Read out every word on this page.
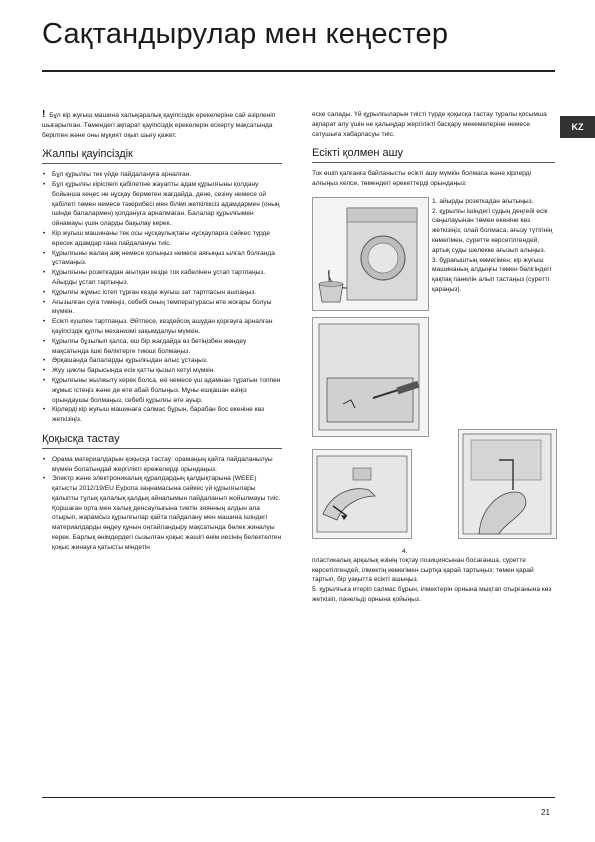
Сақтандырулар мен кеңестер
KZ

! Бұл кір жуғыш машина халықаралық қауіпсіздік ерекелеріне сай әзірленіп шығарылған. Төмендегі ақпарат қауіпсіздік ерекелерін ескерту мақсатында берілген және оны мұқият оқып шығу қажет.

Жалпы қауіпсіздік
• Бұл құрылғы тек үйде пайдалануға арналған.
• Бұл құрылғы кіріспелі қабілетіне жауапты адам құрылғыны қолдану бойынша кеңес не нұсқау бермеген жағдайда, дене, сезіну немесе ой қабілеті төмен немесе тәжірибесі мен білімі жеткіліксіз адамдармен (оның ішінде балалармен) қолдануға арналмаған. Балалар құрылғымен ойнамауы үшін оларды бақылау керек.
• Кір жуғыш машинаны тек осы нұсқаулықтағы нұсқауларға сәйкес түрде ересек адамдар ғана пайдалануы тиіс.
• Құрылғыны жалаң аяқ немесе қолыңыз немесе аяғыңыз ылғал болғанда ұстамаңыз.
• Құрылғыны розеткадан ағытқан кезде ток кабелінен ұстап тартпаңыз. Айырды ұстап тартыңыз.
• Құрылғы жұмыс істеп тұрған кезде жуғыш зат тартпасын ашпаңыз.
• Ағызылған суға тимеңіз, себебі оның температурасы өте жоғары болуы мүмкін.
• Есікті күшпен тартпаңыз. Әйтпесе, кездейсоқ ашудан қорғауға арналған қауіпсіздік құлпы механизмі зақымдалуы мүмкін.
• Құрылғы бұзылып қалса, еш бір жағдайда өз бетіңізбен жөндеу мақсатында ішкі бөліктерге тиюші болмаңыз.
• Әрқашанда балаларды құрылғыдан алыс ұстаңыз.
• Жуу циклы барысында есік қатты қызып кетуі мүмкін.
• Құрылғыны жылжыту керек болса, екі немесе үш адамнан тұратын топпен жұмыс істеңіз және де өте абай болыңыз. Мұны ешқашан өзіңіз орындаушы болмаңыз, себебі құрылғы өте ауыр.
• Кірлерді кір жуғыш машинаға салмас бұрын, барабан бос екеніне көз жеткізіңіз.
Қоқысқа тастау
• Орама материалдарын қоқысқа тастау: орамаңың қайта пайдаланылуы мүмкін болатындай жергілікті ережелерді орындаңыз.
• Электр және электроникалық құралдардың қалдықтарына (WEEE) қатысты 2012/19/EU Еуропа заңнамасына сәйкес үй құрылғылары қалыпты тұлық қалалық қалдық айналымын пайдаланып жойылмауы тиіс. Қоршаған орта мен халық денсаулығына тиетін зиянның алдын ала отырып, жарамсыз құрылғылар қайта пайдалану мен машина ішіндегі материалдарды өңдеу құнын оңтайландыру мақсатында бөлек жиналуы керек. Барлық өнімдердегі сызылған қоқыс жәшігі өнім иесінің белектелген қоқыс жинауға қатысты міндетін

еске салады. Үй құрылғыларын тиісті түрде қоқысқа тастау туралы қосымша ақпарат алу үшін не қалыңдар жергілікті басқару мекемелеріне немесе сатушыға хабарласуы тиіс.

Есікті қолмен ашу

Ток өшіп қалғанға байланысты есікті ашу мүмкін болмаса және кірлерді алғыңыз келсе, төмендегі әрекеттерді орындаңыз:

1. айырды розеткадан ағытыңыз.
2. құрылғы ішіндегі судың деңгейі есік саңылауынан төмен екеніне көз жеткізіңіз; олай болмаса, ағызу түтігінің көмегімен, суретте көрсетілгендей, артық суды шелекке ағызып алыңыз.
3. бұрағыштың көмегімен, кір жуғыш машинаның алдыңғы төмен бөлігіндегі қақпақ панелін алып тастаңыз (суретті қараңыз).
4.
пластикалық арқалық өзінің тоқтау позициясынан босағанша, суретте көрсетілгендей, ілмектің көмегімен сыртқа қарай тартыңыз; төмен қарай тартып, бір уақытта есікті ашыңыз.
5. құрылғыға итеріп салмас бұрын, ілмектерін орнына мықтап отырғанына көз жеткізіп, панельді орнына қойыңыз.
21
